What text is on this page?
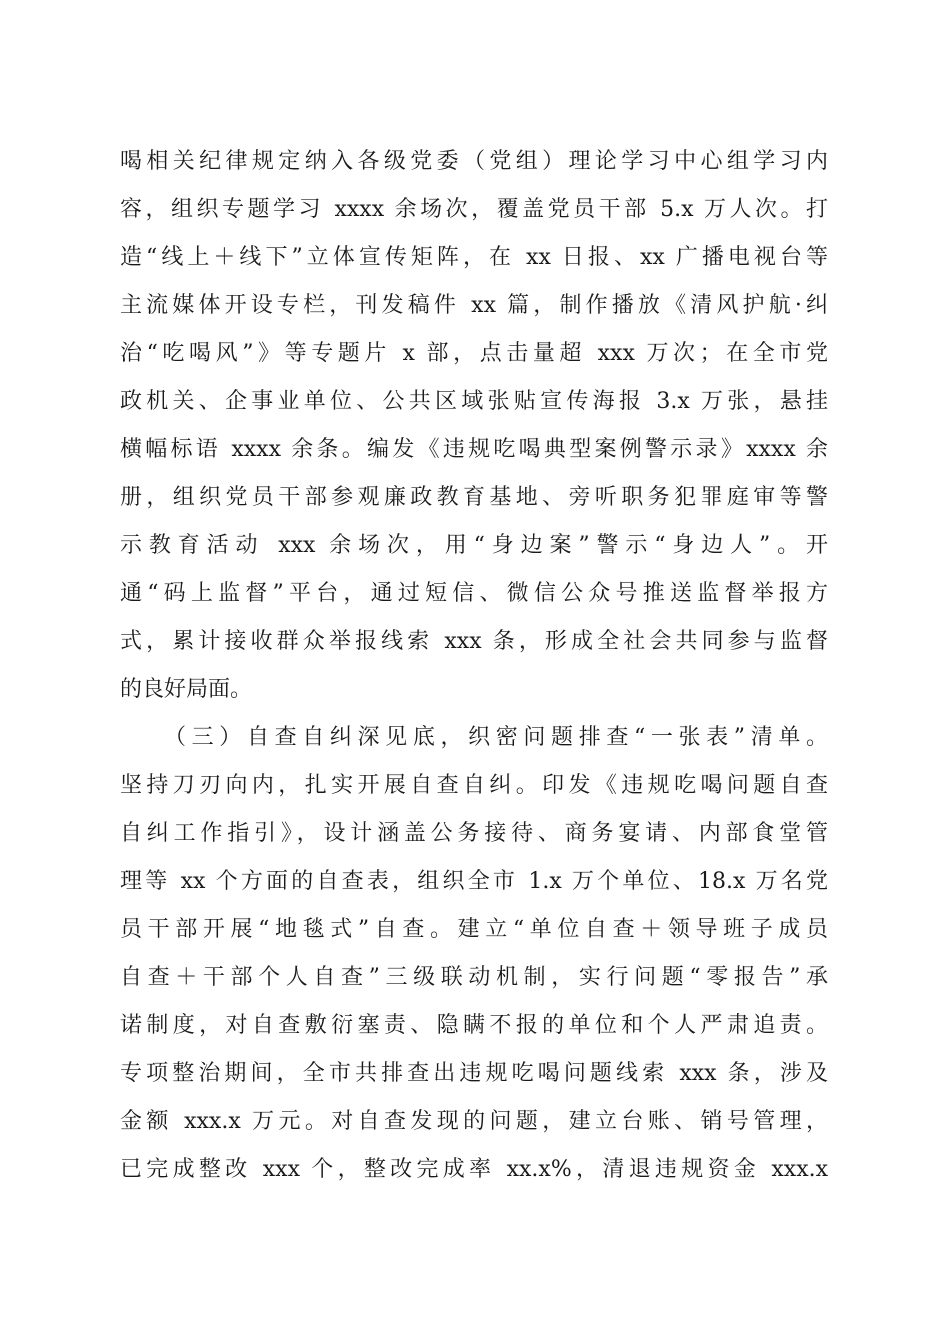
喝相关纪律规定纳入各级党委（党组）理论学习中心组学习内
容，组织专题学习 xxxx 余场次，覆盖党员干部 5.x 万人次。打
造“线上＋线下”立体宣传矩阵，在 xx 日报、xx 广播电视台等
主流媒体开设专栏，刊发稿件 xx 篇，制作播放《清风护航·纠
治“吃喝风”》等专题片 x 部，点击量超 xxx 万次；在全市党
政机关、企事业单位、公共区域张贴宣传海报 3.x 万张，悬挂
横幅标语 xxxx 余条。编发《违规吃喝典型案例警示录》xxxx 余
册，组织党员干部参观廉政教育基地、旁听职务犯罪庭审等警
示教育活动 xxx 余场次，用“身边案”警示“身边人”。开
通“码上监督”平台，通过短信、微信公众号推送监督举报方
式，累计接收群众举报线索 xxx 条，形成全社会共同参与监督
的良好局面。
（三）自查自纠深见底，织密问题排查“一张表”清单。
坚持刀刃向内，扎实开展自查自纠。印发《违规吃喝问题自查
自纠工作指引》，设计涵盖公务接待、商务宴请、内部食堂管
理等 xx 个方面的自查表，组织全市 1.x 万个单位、18.x 万名党
员干部开展“地毯式”自查。建立“单位自查＋领导班子成员
自查＋干部个人自查”三级联动机制，实行问题“零报告”承
诺制度，对自查敷衍塞责、隐瞒不报的单位和个人严肃追责。
专项整治期间，全市共排查出违规吃喝问题线索 xxx 条，涉及
金额 xxx.x 万元。对自查发现的问题，建立台账、销号管理，
已完成整改 xxx 个，整改完成率 xx.x%，清退违规资金 xxx.x
